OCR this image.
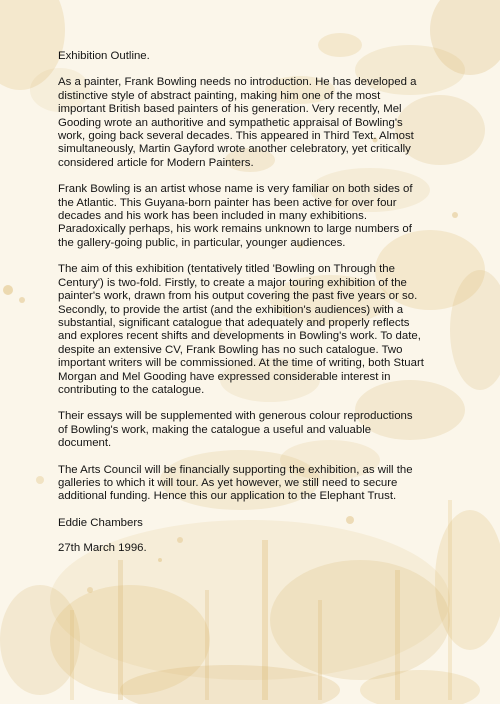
Exhibition Outline.

As a painter, Frank Bowling needs no introduction. He has developed a
distinctive style of abstract painting, making him one of the most
important British based painters of his generation. Very recently, Mel
Gooding wrote an authoritive and sympathetic appraisal of Bowling's
work, going back several decades. This appeared in Third Text. Almost
simultaneously, Martin Gayford wrote another celebratory, yet critically
considered article for Modern Painters.

Frank Bowling is an artist whose name is very familiar on both sides of
the Atlantic. This Guyana-born painter has been active for over four
decades and his work has been included in many exhibitions.
Paradoxically perhaps, his work remains unknown to large numbers of
the gallery-going public, in particular, younger audiences.

The aim of this exhibition (tentatively titled 'Bowling on Through the
Century') is two-fold. Firstly, to create a major touring exhibition of the
painter's work, drawn from his output covering the past five years or so.
Secondly, to provide the artist (and the exhibition's audiences) with a
substantial, significant catalogue that adequately and properly reflects
and explores recent shifts and developments in Bowling's work. To date,
despite an extensive CV, Frank Bowling has no such catalogue. Two
important writers will be commissioned. At the time of writing, both Stuart
Morgan and Mel Gooding have expressed considerable interest in
contributing to the catalogue.

Their essays will be supplemented with generous colour reproductions
of Bowling's work, making the catalogue a useful and valuable
document.

The Arts Council will be financially supporting the exhibition, as will the
galleries to which it will tour. As yet however, we still need to secure
additional funding. Hence this our application to the Elephant Trust.

Eddie Chambers

27th March 1996.
